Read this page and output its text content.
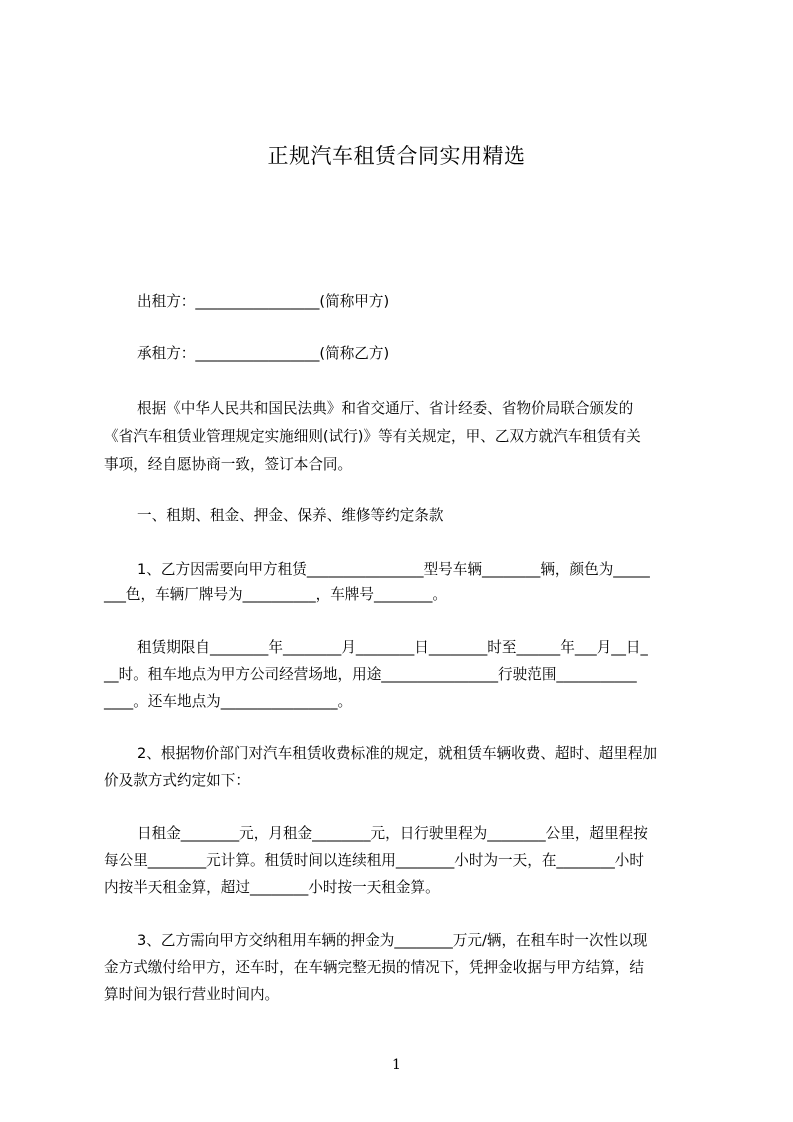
正规汽车租赁合同实用精选
出租方：_________________(简称甲方)
承租方：_________________(简称乙方)
根据《中华人民共和国民法典》和省交通厅、省计经委、省物价局联合颁发的
《省汽车租赁业管理规定实施细则(试行)》等有关规定，甲、乙双方就汽车租赁有关
事项，经自愿协商一致，签订本合同。
一、租期、租金、押金、保养、维修等约定条款
1、乙方因需要向甲方租赁________________型号车辆________辆，颜色为_____
___色，车辆厂牌号为__________，车牌号________。
租赁期限自________年________月________日________时至______年___月__日_
__时。租车地点为甲方公司经营场地，用途________________行驶范围___________
____。还车地点为________________。
2、根据物价部门对汽车租赁收费标准的规定，就租赁车辆收费、超时、超里程加
价及款方式约定如下：
日租金________元，月租金________元，日行驶里程为________公里，超里程按
每公里________元计算。租赁时间以连续租用________小时为一天，在________小时
内按半天租金算，超过________小时按一天租金算。
3、乙方需向甲方交纳租用车辆的押金为________万元/辆，在租车时一次性以现
金方式缴付给甲方，还车时，在车辆完整无损的情况下，凭押金收据与甲方结算，结
算时间为银行营业时间内。
1
